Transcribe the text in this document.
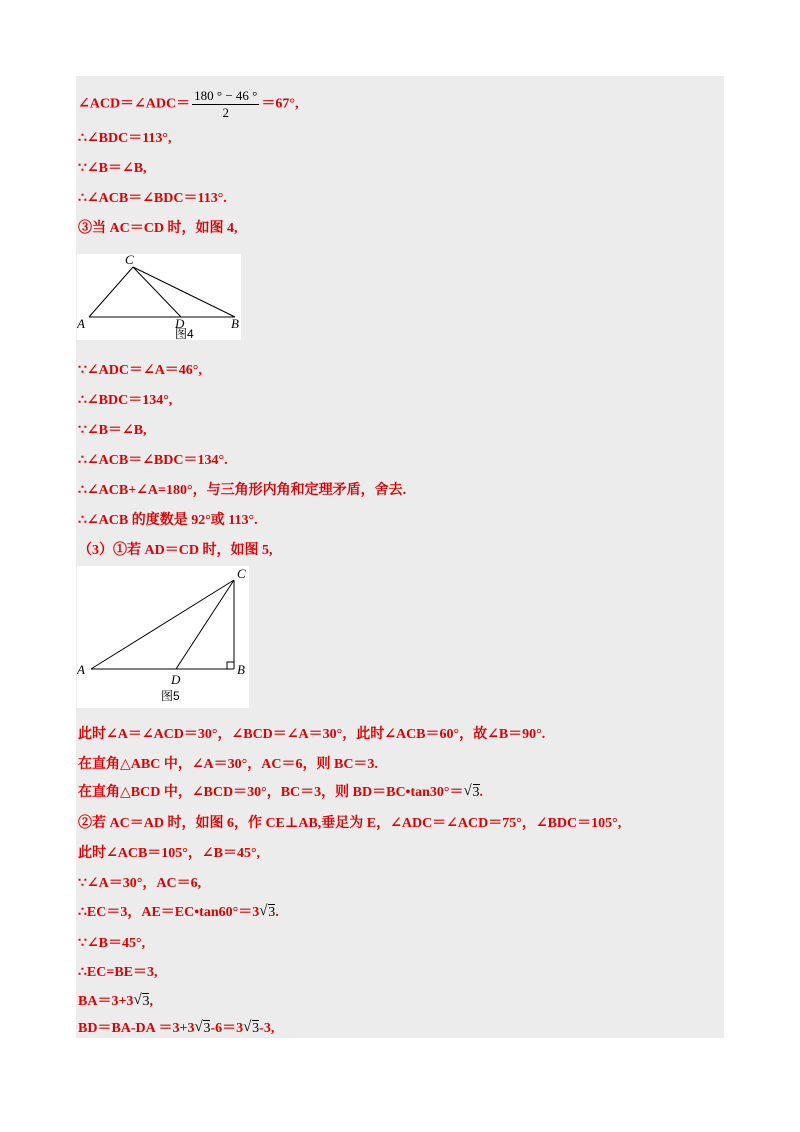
∠ACD＝∠ADC＝ $\frac{180 ^\circ - 46 ^\circ}{2} =67^\circ$,
∴∠BDC＝113°,
∵∠B＝∠B,
∴∠ACB＝∠BDC＝113°.
③当 AC＝CD 时，如图 4,
C
A	D	B
图4
∵∠ADC＝∠A＝46°,
∴∠BDC＝134°,
∵∠B＝∠B,
∴∠ACB＝∠BDC＝134°.
∴∠ACB+∠A=180°，与三角形内角和定理矛盾，舍去.
∴∠ACB 的度数是 92°或 113°.
（3）①若 AD＝CD 时，如图 5,
C
A
D
B
图5
此时∠A＝∠ACD＝30°，∠BCD＝∠A＝30°，此时∠ACB＝60°，故∠B＝90°.
在直角△ABC 中，∠A＝30°，AC＝6，则 BC＝3.
在直角△BCD 中，∠BCD＝30°，BC＝3，则 BD＝BC•tan30°＝ √ 3.
②若 AC＝AD 时，如图 6，作 CE⊥AB,垂足为 E，∠ADC＝∠ACD＝75°，∠BDC＝105°,
此时∠ACB＝105°，∠B＝45°,
∵∠A＝30°，AC＝6,
∴EC＝3，AE＝EC•tan60°＝3 √ 3.
∵∠B＝45°,
∴EC=BE＝3,
BA＝3+3 √ 3,
BD＝BA-DA ＝3+3 √ 3-6＝3 √ 3-3,
